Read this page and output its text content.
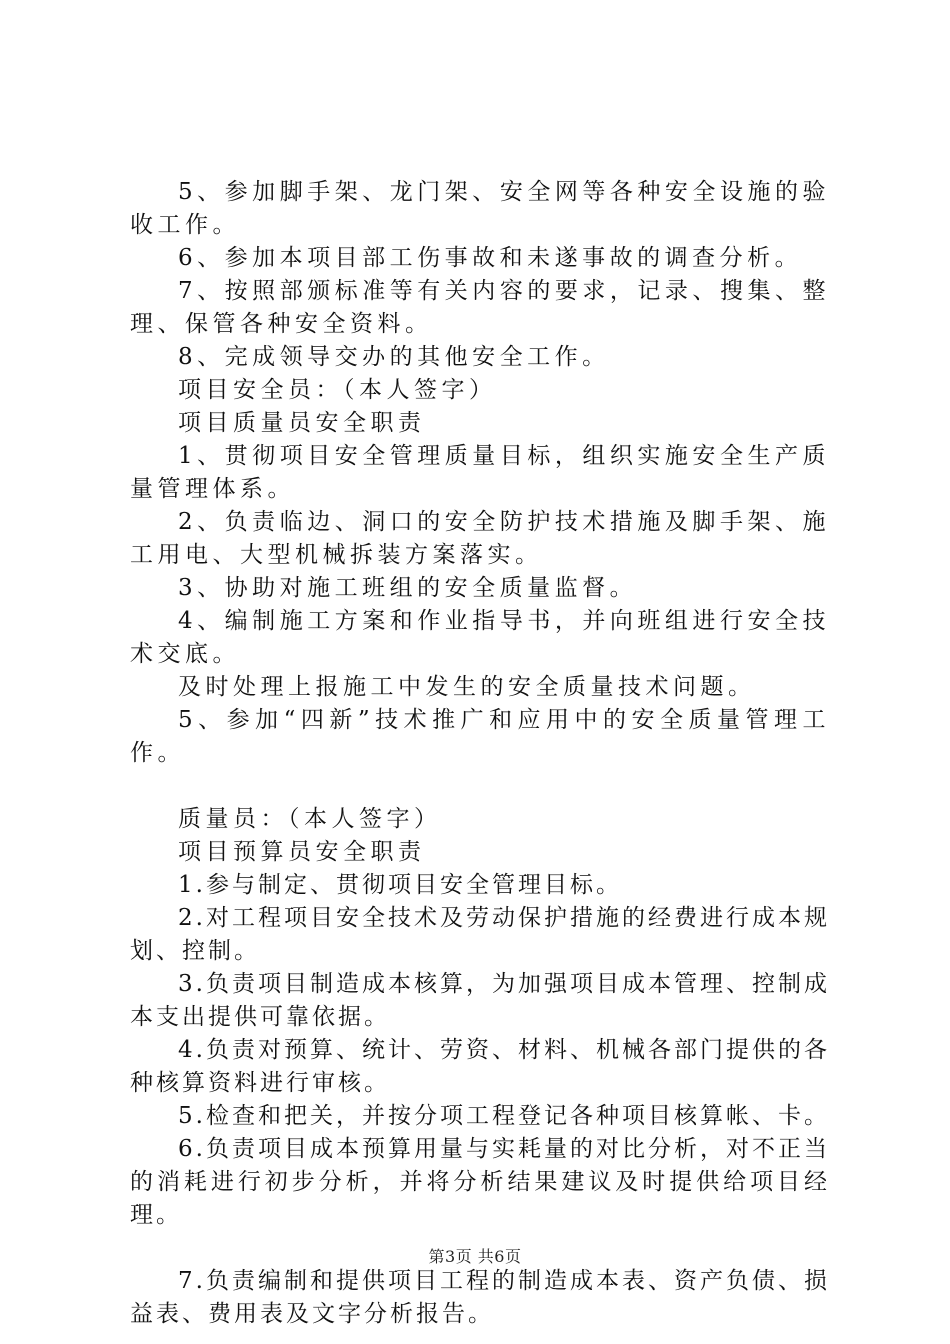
5、参加脚手架、龙门架、安全网等各种安全设施的验收工作。

6、参加本项目部工伤事故和未遂事故的调查分析。

7、按照部颁标准等有关内容的要求，记录、搜集、整理、保管各种安全资料。

8、完成领导交办的其他安全工作。

项目安全员：（本人签字）

项目质量员安全职责

1、贯彻项目安全管理质量目标，组织实施安全生产质量管理体系。

2、负责临边、洞口的安全防护技术措施及脚手架、施工用电、大型机械拆装方案落实。

3、协助对施工班组的安全质量监督。

4、编制施工方案和作业指导书，并向班组进行安全技术交底。

及时处理上报施工中发生的安全质量技术问题。

5、参加“四新”技术推广和应用中的安全质量管理工作。

质量员：（本人签字）

项目预算员安全职责

1.参与制定、贯彻项目安全管理目标。

2.对工程项目安全技术及劳动保护措施的经费进行成本规划、控制。

3.负责项目制造成本核算，为加强项目成本管理、控制成本支出提供可靠依据。

4.负责对预算、统计、劳资、材料、机械各部门提供的各种核算资料进行审核。

5.检查和把关，并按分项工程登记各种项目核算帐、卡。

6.负责项目成本预算用量与实耗量的对比分析，对不正当的消耗进行初步分析，并将分析结果建议及时提供给项目经理。

7.负责编制和提供项目工程的制造成本表、资产负债、损益表、费用表及文字分析报告。

第3页 共6页
